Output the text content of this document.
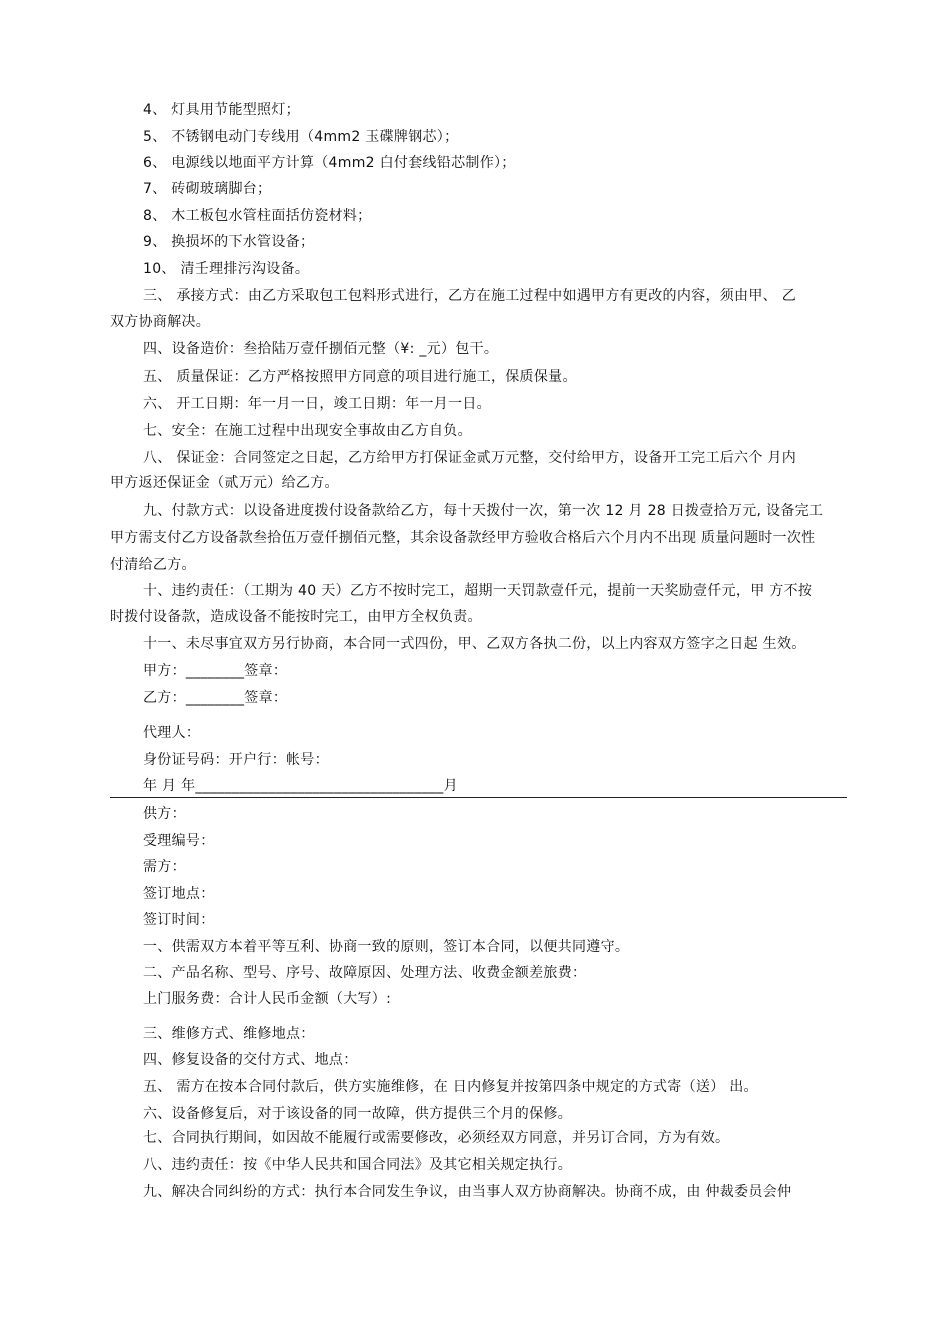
4、 灯具用节能型照灯；
5、 不锈钢电动门专线用（4mm2 玉碟牌钢芯）；
6、 电源线以地面平方计算（4mm2 白付套线铅芯制作）；
7、 砖砌玻璃脚台；
8、 木工板包水管柱面括仿瓷材料；
9、 换损坏的下水管设备；
10、 清壬理排污沟设备。
三、 承接方式：由乙方采取包工包料形式进行，乙方在施工过程中如遇甲方有更改的内容，须由甲、 乙
双方协商解决。
四、设备造价：叁拾陆万壹仟捌佰元整（¥: _元）包干。
五、 质量保证：乙方严格按照甲方同意的项目进行施工，保质保量。
六、 开工日期：年一月一日，竣工日期：年一月一日。
七、安全：在施工过程中出现安全事故由乙方自负。
八、 保证金：合同签定之日起，乙方给甲方打保证金贰万元整，交付给甲方，设备开工完工后六个 月内
甲方返还保证金（贰万元）给乙方。
九、付款方式：以设备进度拨付设备款给乙方，每十天拨付一次，第一次 12 月 28 日拨壹拾万元, 设备完工
甲方需支付乙方设备款叁拾伍万壹仟捌佰元整，其余设备款经甲方验收合格后六个月内不出现 质量问题时一次性
付清给乙方。
十、违约责任：（工期为 40 天）乙方不按时完工，超期一天罚款壹仟元，提前一天奖励壹仟元，甲 方不按
时拨付设备款，造成设备不能按时完工，由甲方全权负责。
十一、未尽事宜双方另行协商，本合同一式四份，甲、乙双方各执二份，以上内容双方签字之日起 生效。
甲方：________签章：
乙方：________签章：
代理人：
身份证号码：开户行：帐号：
年 月 年__________________________________月
供方：
受理编号：
需方：
签订地点：
签订时间：
一、供需双方本着平等互利、协商一致的原则，签订本合同，以便共同遵守。
二、产品名称、型号、序号、故障原因、处理方法、收费金额差旅费：
上门服务费：合计人民币金额（大写）:
三、维修方式、维修地点：
四、修复设备的交付方式、地点：
五、 需方在按本合同付款后，供方实施维修，在 日内修复并按第四条中规定的方式寄（送） 出。
六、设备修复后，对于该设备的同一故障，供方提供三个月的保修。
七、合同执行期间，如因故不能履行或需要修改，必须经双方同意，并另订合同，方为有效。
八、违约责任：按《中华人民共和国合同法》及其它相关规定执行。
九、解决合同纠纷的方式：执行本合同发生争议，由当事人双方协商解决。协商不成，由 仲裁委员会仲
